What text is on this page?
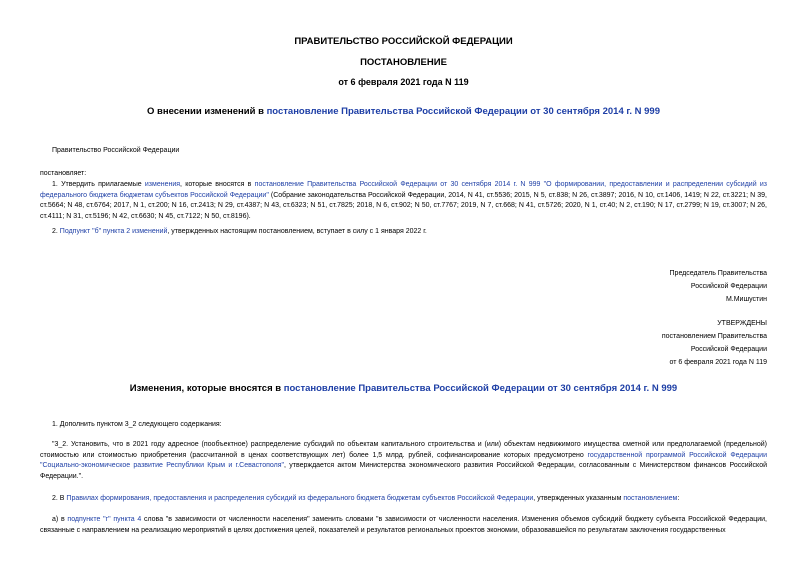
ПРАВИТЕЛЬСТВО РОССИЙСКОЙ ФЕДЕРАЦИИ
ПОСТАНОВЛЕНИЕ
от 6 февраля 2021 года N 119
О внесении изменений в постановление Правительства Российской Федерации от 30 сентября 2014 г. N 999
Правительство Российской Федерации
постановляет:
1. Утвердить прилагаемые изменения, которые вносятся в постановление Правительства Российской Федерации от 30 сентября 2014 г. N 999 "О формировании, предоставлении и распределении субсидий из федерального бюджета бюджетам субъектов Российской Федерации" (Собрание законодательства Российской Федерации, 2014, N 41, ст.5536; 2015, N 5, ст.838; N 26, ст.3897; 2016, N 10, ст.1406, 1419; N 22, ст.3221; N 39, ст.5664; N 48, ст.6764; 2017, N 1, ст.200; N 16, ст.2413; N 29, ст.4387; N 43, ст.6323; N 51, ст.7825; 2018, N 6, ст.902; N 50, ст.7767; 2019, N 7, ст.668; N 41, ст.5726; 2020, N 1, ст.40; N 2, ст.190; N 17, ст.2799; N 19, ст.3007; N 26, ст.4111; N 31, ст.5196; N 42, ст.6630; N 45, ст.7122; N 50, ст.8196).
2. Подпункт "б" пункта 2 изменений, утвержденных настоящим постановлением, вступает в силу с 1 января 2022 г.
Председатель Правительства
Российской Федерации
М.Мишустин
УТВЕРЖДЕНЫ
постановлением Правительства
Российской Федерации
от 6 февраля 2021 года N 119
Изменения, которые вносятся в постановление Правительства Российской Федерации от 30 сентября 2014 г. N 999
1. Дополнить пунктом 3_2 следующего содержания:
"3_2. Установить, что в 2021 году адресное (пообъектное) распределение субсидий по объектам капитального строительства и (или) объектам недвижимого имущества сметной или предполагаемой (предельной) стоимостью или стоимостью приобретения (рассчитанной в ценах соответствующих лет) более 1,5 млрд. рублей, софинансирование которых предусмотрено государственной программой Российской Федерации "Социально-экономическое развитие Республики Крым и г.Севастополя", утверждается актом Министерства экономического развития Российской Федерации, согласованным с Министерством финансов Российской Федерации.".
2. В Правилах формирования, предоставления и распределения субсидий из федерального бюджета бюджетам субъектов Российской Федерации, утвержденных указанным постановлением:
а) в подпункте "г" пункта 4 слова "в зависимости от численности населения" заменить словами "в зависимости от численности населения. Изменения объемов субсидий бюджету субъекта Российской Федерации, связанные с направлением на реализацию мероприятий в целях достижения целей, показателей и результатов региональных проектов экономии, образовавшейся по результатам заключения государственных
